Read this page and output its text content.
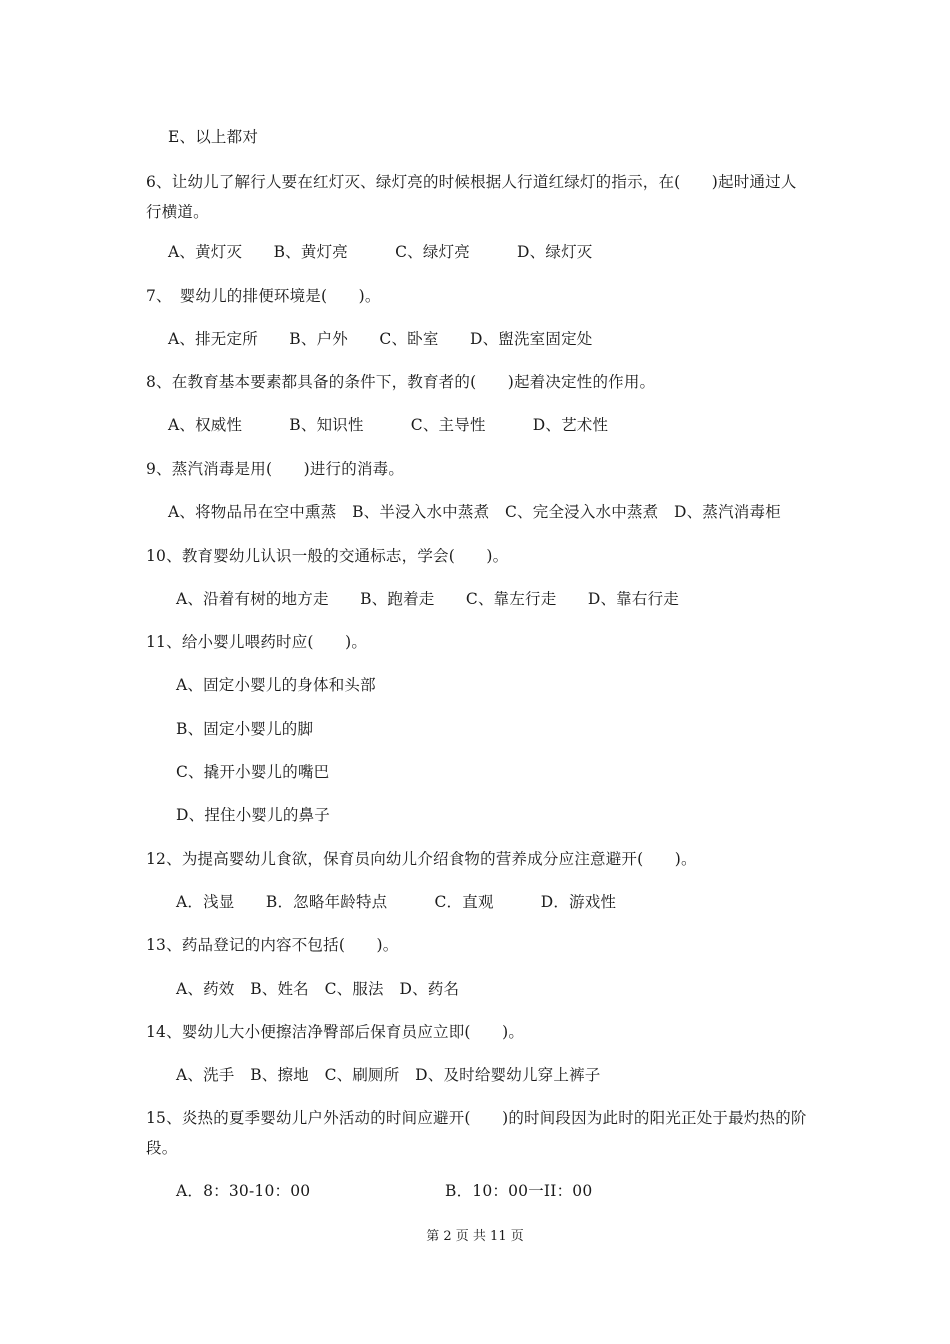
E、以上都对
6、让幼儿了解行人要在红灯灭、绿灯亮的时候根据人行道红绿灯的指示，在(　　)起时通过人行横道。
A、黄灯灭　　B、黄灯亮　　　C、绿灯亮　　　D、绿灯灭
7、　婴幼儿的排便环境是(　　)。
A、排无定所　　B、户外　　C、卧室　　D、盥洗室固定处
8、在教育基本要素都具备的条件下，教育者的(　　)起着决定性的作用。
A、权威性　　　B、知识性　　　C、主导性　　　D、艺术性
9、蒸汽消毒是用(　　)进行的消毒。
A、将物品吊在空中熏蒸　B、半浸入水中蒸煮　C、完全浸入水中蒸煮　D、蒸汽消毒柜
10、教育婴幼儿认识一般的交通标志，学会(　　)。
A、沿着有树的地方走　　B、跑着走　　C、靠左行走　　D、靠右行走
11、给小婴儿喂药时应(　　)。
A、固定小婴儿的身体和头部
B、固定小婴儿的脚
C、撬开小婴儿的嘴巴
D、捏住小婴儿的鼻子
12、为提高婴幼儿食欲，保育员向幼儿介绍食物的营养成分应注意避开(　　)。
A．浅显　　B．忽略年龄特点　　　C．直观　　　D．游戏性
13、药品登记的内容不包括(　　)。
A、药效　B、姓名　C、服法　D、药名
14、婴幼儿大小便擦洁净臀部后保育员应立即(　　)。
A、洗手　B、擦地　C、刷厕所　D、及时给婴幼儿穿上裤子
15、炎热的夏季婴幼儿户外活动的时间应避开(　　)的时间段因为此时的阳光正处于最灼热的阶段。
A．8：30-10：00	B．10：00一II：00
第 2 页 共 11 页
